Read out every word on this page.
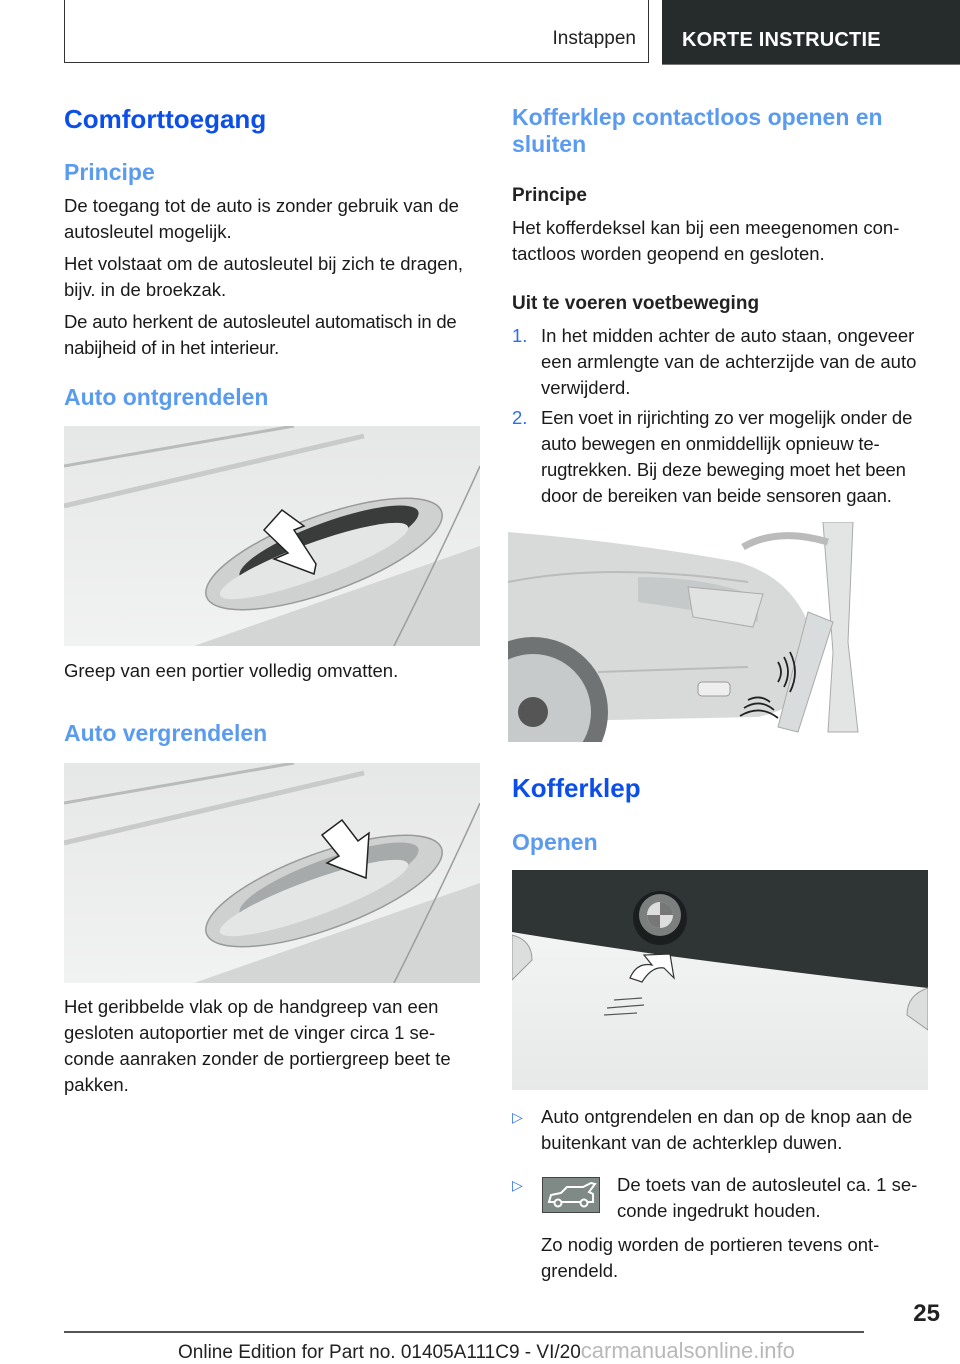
Instappen KORTE INSTRUCTIE
Comforttoegang
Principe

De toegang tot de auto is zonder gebruik van de autosleutel mogelijk.

Het volstaat om de autosleutel bij zich te dragen, bijv. in de broekzak.

De auto herkent de autosleutel automatisch in de nabijheid of in het interieur.

Auto ontgrendelen

Greep van een portier volledig omvatten.

Auto vergrendelen

Het geribbelde vlak op de handgreep van een gesloten autoportier met de vinger circa 1 se-conde aanraken zonder de portiergreep beet te pakken.

Kofferklep contactloos openen en sluiten
Principe

Het kofferdeksel kan bij een meegenomen con-tactloos worden geopend en gesloten.

Uit te voeren voetbeweging
1. In het midden achter de auto staan, ongeveer een armlengte van de achterzijde van de auto verwijderd.

2. Een voet in rijrichting zo ver mogelijk onder de auto bewegen en onmiddellijk opnieuw te-rugtrekken. Bij deze beweging moet het been door de bereiken van beide sensoren gaan.

Kofferklep
Openen
▷ Auto ontgrendelen en dan op de knop aan de buitenkant van de achterklep duwen.

▷	De toets van de autosleutel ca. 1 se-conde ingedrukt houden.

Zo nodig worden de portieren tevens ont-grendeld.

25
Online Edition for Part no. 01405A111C9 - VI/20carmanualsonline.info
